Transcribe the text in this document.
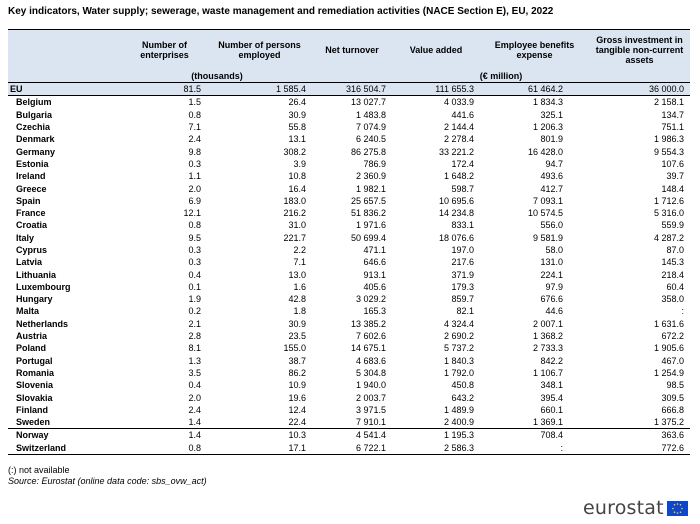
Key indicators, Water supply; sewerage, waste management and remediation activities (NACE Section E), EU, 2022
	Number of enterprises	Number of persons employed	Net turnover	Value added	Employee benefits expense	Gross investment in tangible non-current assets
	(thousands)		(€ million)			
EU	81.5	1 585.4	316 504.7	111 655.3	61 464.2	36 000.0
Belgium	1.5	26.4	13 027.7	4 033.9	1 834.3	2 158.1
Bulgaria	0.8	30.9	1 483.8	441.6	325.1	134.7
Czechia	7.1	55.8	7 074.9	2 144.4	1 206.3	751.1
Denmark	2.4	13.1	6 240.5	2 278.4	801.9	1 986.3
Germany	9.8	308.2	86 275.8	33 221.2	16 428.0	9 554.3
Estonia	0.3	3.9	786.9	172.4	94.7	107.6
Ireland	1.1	10.8	2 360.9	1 648.2	493.6	39.7
Greece	2.0	16.4	1 982.1	598.7	412.7	148.4
Spain	6.9	183.0	25 657.5	10 695.6	7 093.1	1 712.6
France	12.1	216.2	51 836.2	14 234.8	10 574.5	5 316.0
Croatia	0.8	31.0	1 971.6	833.1	556.0	559.9
Italy	9.5	221.7	50 699.4	18 076.6	9 581.9	4 287.2
Cyprus	0.3	2.2	471.1	197.0	58.0	87.0
Latvia	0.3	7.1	646.6	217.6	131.0	145.3
Lithuania	0.4	13.0	913.1	371.9	224.1	218.4
Luxembourg	0.1	1.6	405.6	179.3	97.9	60.4
Hungary	1.9	42.8	3 029.2	859.7	676.6	358.0
Malta	0.2	1.8	165.3	82.1	44.6	:
Netherlands	2.1	30.9	13 385.2	4 324.4	2 007.1	1 631.6
Austria	2.8	23.5	7 602.6	2 690.2	1 368.2	672.2
Poland	8.1	155.0	14 675.1	5 737.2	2 733.3	1 905.6
Portugal	1.3	38.7	4 683.6	1 840.3	842.2	467.0
Romania	3.5	86.2	5 304.8	1 792.0	1 106.7	1 254.9
Slovenia	0.4	10.9	1 940.0	450.8	348.1	98.5
Slovakia	2.0	19.6	2 003.7	643.2	395.4	309.5
Finland	2.4	12.4	3 971.5	1 489.9	660.1	666.8
Sweden	1.4	22.4	7 910.1	2 400.9	1 369.1	1 375.2
Norway	1.4	10.3	4 541.4	1 195.3	708.4	363.6
Switzerland	0.8	17.1	6 722.1	2 586.3	:	772.6
(:) not available
Source: Eurostat (online data code: sbs_ovw_act)
eurostat
